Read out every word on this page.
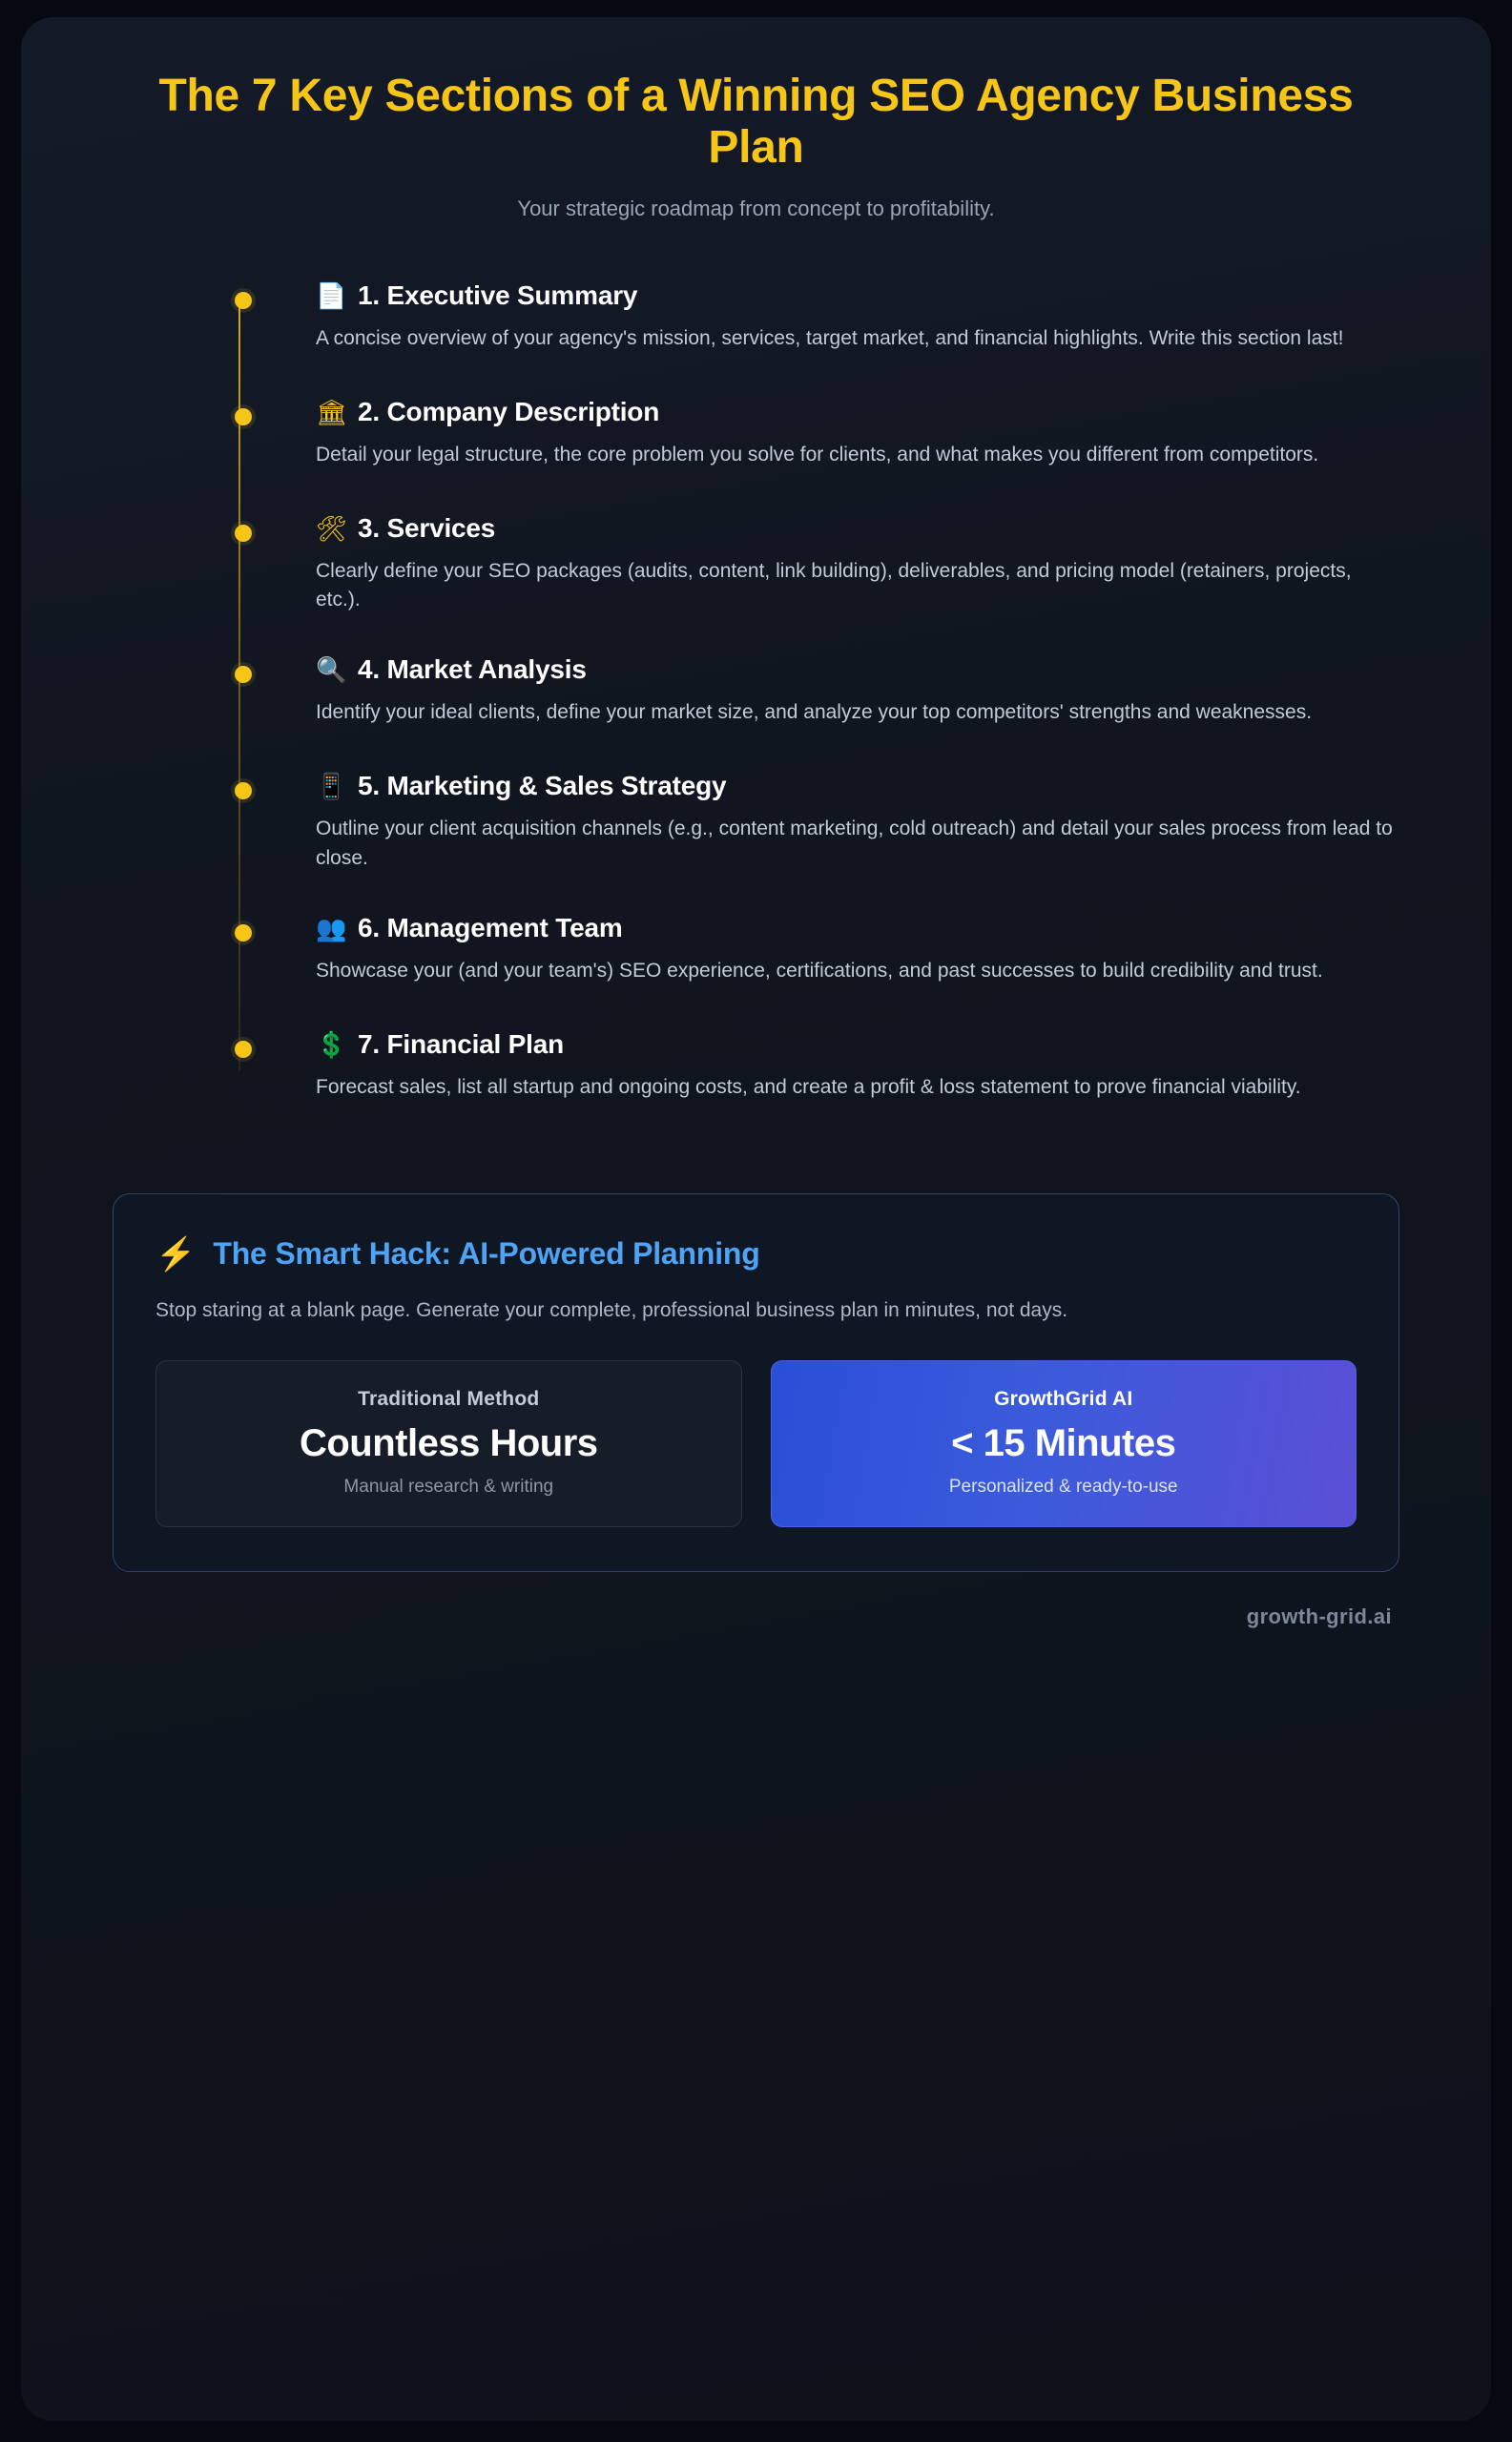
The 7 Key Sections of a Winning SEO Agency Business Plan

Your strategic roadmap from concept to profitability.

📄 1. Executive Summary
A concise overview of your agency's mission, services, target market, and financial highlights. Write this section last!
🏛 2. Company Description
Detail your legal structure, the core problem you solve for clients, and what makes you different from competitors.
🛠 3. Services
Clearly define your SEO packages (audits, content, link building), deliverables, and pricing model (retainers, projects, etc.).
🔍 4. Market Analysis
Identify your ideal clients, define your market size, and analyze your top competitors' strengths and weaknesses.
📱 5. Marketing & Sales Strategy
Outline your client acquisition channels (e.g., content marketing, cold outreach) and detail your sales process from lead to close.
👥 6. Management Team
Showcase your (and your team's) SEO experience, certifications, and past successes to build credibility and trust.
💲 7. Financial Plan
Forecast sales, list all startup and ongoing costs, and create a profit & loss statement to prove financial viability.
⚡ The Smart Hack: AI-Powered Planning

Stop staring at a blank page. Generate your complete, professional business plan in minutes, not days.

Traditional Method
Countless Hours
Manual research & writing
GrowthGrid AI
< 15 Minutes
Personalized & ready-to-use
growth-grid.ai
